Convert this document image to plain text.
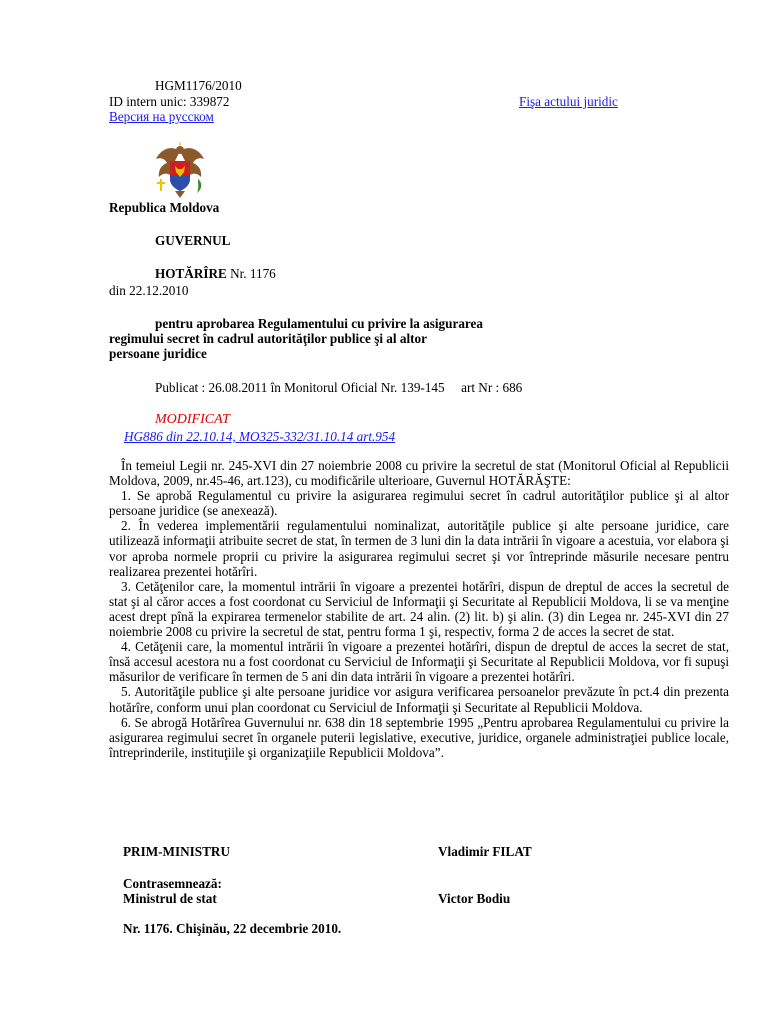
HGM1176/2010
ID intern unic: 339872	Fişa actului juridic
Версия на русском
Republica Moldova
GUVERNUL
HOTĂRÎRE Nr. 1176
din 22.12.2010
pentru aprobarea Regulamentului cu privire la asigurarea
regimului secret în cadrul autorităţilor publice şi al altor
persoane juridice
Publicat : 26.08.2011 în Monitorul Oficial Nr. 139-145     art Nr : 686
MODIFICAT
HG886 din 22.10.14, MO325-332/31.10.14 art.954

În temeiul Legii nr. 245-XVI din 27 noiembrie 2008 cu privire la secretul de stat (Monitorul Oficial al Republicii Moldova, 2009, nr.45-46, art.123), cu modificările ulterioare, Guvernul HOTĂRĂŞTE:

1. Se aprobă Regulamentul cu privire la asigurarea regimului secret în cadrul autorităţilor publice şi al altor persoane juridice (se anexează).

2. În vederea implementării regulamentului nominalizat, autorităţile publice şi alte persoane juridice, care utilizează informaţii atribuite secret de stat, în termen de 3 luni din la data intrării în vigoare a acestuia, vor elabora şi vor aproba normele proprii cu privire la asigurarea regimului secret şi vor întreprinde măsurile necesare pentru realizarea prezentei hotărîri.

3. Cetăţenilor care, la momentul intrării în vigoare a prezentei hotărîri, dispun de dreptul de acces la secretul de stat şi al căror acces a fost coordonat cu Serviciul de Informaţii şi Securitate al Republicii Moldova, li se va menţine acest drept pînă la expirarea termenelor stabilite de art. 24 alin. (2) lit. b) şi alin. (3) din Legea nr. 245-XVI din 27 noiembrie 2008 cu privire la secretul de stat, pentru forma 1 şi, respectiv, forma 2 de acces la secret de stat.

4. Cetăţenii care, la momentul intrării în vigoare a prezentei hotărîri, dispun de dreptul de acces la secret de stat, însă accesul acestora nu a fost coordonat cu Serviciul de Informaţii şi Securitate al Republicii Moldova, vor fi supuşi măsurilor de verificare în termen de 5 ani din data intrării în vigoare a prezentei hotărîri.

5. Autorităţile publice şi alte persoane juridice vor asigura verificarea persoanelor prevăzute în pct.4 din prezenta hotărîre, conform unui plan coordonat cu Serviciul de Informaţii şi Securitate al Republicii Moldova.

6. Se abrogă Hotărîrea Guvernului nr. 638 din 18 septembrie 1995 „Pentru aprobarea Regulamentului cu privire la asigurarea regimului secret în organele puterii legislative, executive, juridice, organele administraţiei publice locale, întreprinderile, instituţiile şi organizaţiile Republicii Moldova”.

PRIM-MINISTRU	Vladimir FILAT
Contrasemnează:
Ministrul de stat	Victor Bodiu
Nr. 1176. Chişinău, 22 decembrie 2010.
